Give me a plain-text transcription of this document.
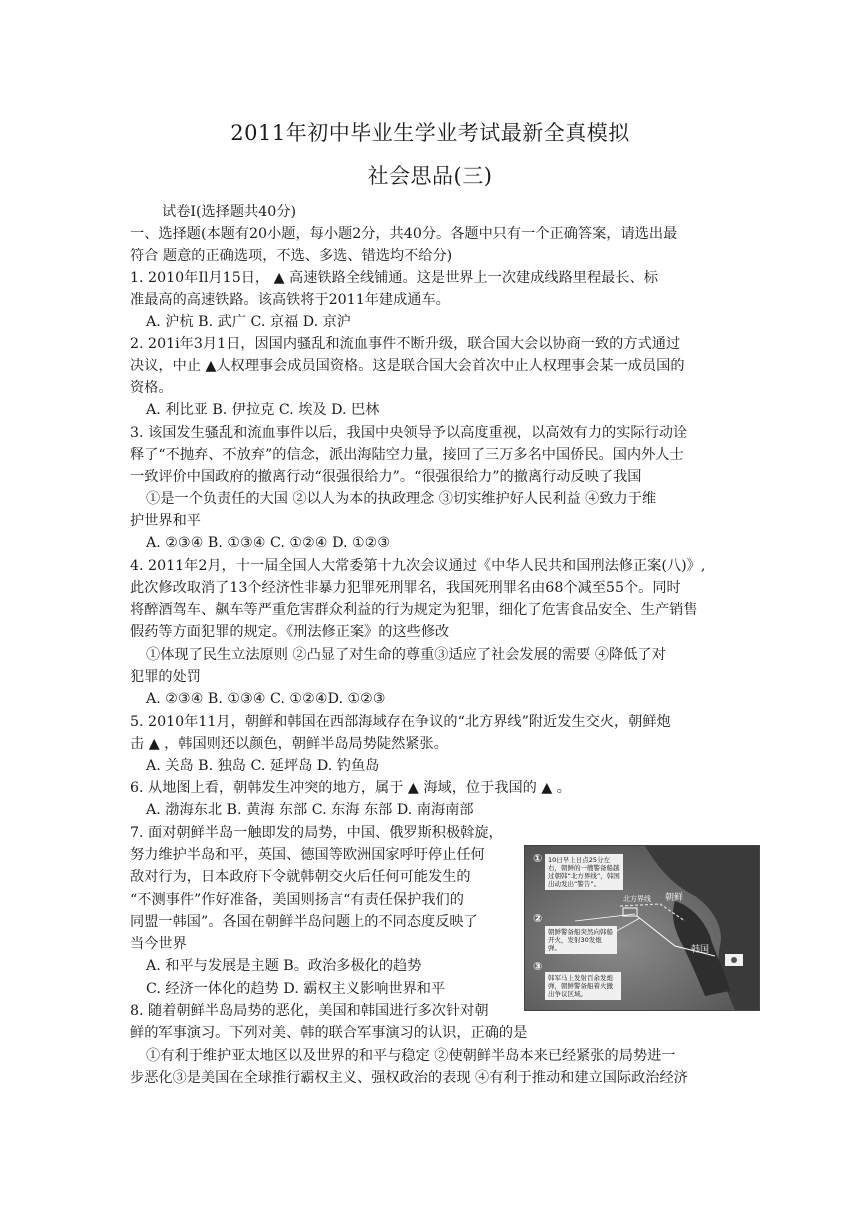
2011年初中毕业生学业考试最新全真模拟
社会思品(三)
试卷Ⅰ(选择题共40分)
一、选择题(本题有20小题，每小题2分，共40分。各题中只有一个正确答案，请选出最
符合 题意的正确选项，不选、多选、错选均不给分)
1. 2010年Il月15日， ▲ 高速铁路全线铺通。这是世界上一次建成线路里程最长、标
准最高的高速铁路。该高铁将于2011年建成通车。
A. 沪杭 B. 武广 C. 京福 D. 京沪
2. 201i年3月1日，因国内骚乱和流血事件不断升级，联合国大会以协商一致的方式通过
决议，中止 ▲人权理事会成员国资格。这是联合国大会首次中止人权理事会某一成员国的
资格。
A. 利比亚 B. 伊拉克 C. 埃及 D. 巴林
3. 该国发生骚乱和流血事件以后，我国中央领导予以高度重视，以高效有力的实际行动诠
释了“不抛弃、不放弃”的信念，派出海陆空力量，接回了三万多名中国侨民。国内外人士
一致评价中国政府的撤离行动“很强很给力”。“很强很给力”的撤离行动反映了我国
①是一个负责任的大国 ②以人为本的执政理念 ③切实维护好人民利益 ④致力于维
护世界和平
A. ②③④ B. ①③④ C. ①②④ D. ①②③
4. 2011年2月，十一届全国人大常委第十九次会议通过《中华人民共和国刑法修正案(八)》,
此次修改取消了13个经济性非暴力犯罪死刑罪名，我国死刑罪名由68个减至55个。同时
将醉酒驾车、飙车等严重危害群众利益的行为规定为犯罪，细化了危害食品安全、生产销售
假药等方面犯罪的规定。《刑法修正案》的这些修改
①体现了民生立法原则 ②凸显了对生命的尊重③适应了社会发展的需要 ④降低了对
犯罪的处罚
A. ②③④ B. ①③④ C. ①②④D. ①②③
5. 2010年11月，朝鲜和韩国在西部海域存在争议的“北方界线”附近发生交火，朝鲜炮
击 ▲ ，韩国则还以颜色，朝鲜半岛局势陡然紧张。
A. 关岛 B. 独岛 C. 延坪岛 D. 钓鱼岛
6. 从地图上看，朝韩发生冲突的地方，属于 ▲ 海域，位于我国的 ▲ 。
A. 渤海东北 B. 黄海 东部 C. 东海 东部 D. 南海南部
7. 面对朝鲜半岛一触即发的局势，中国、俄罗斯积极斡旋，
努力维护半岛和平，英国、德国等欧洲国家呼吁停止任何
敌对行为，日本政府下令就韩朝交火后任何可能发生的
“不测事件”作好准备，美国则扬言“有责任保护我们的
同盟一韩国”。各国在朝鲜半岛问题上的不同态度反映了
当今世界
A. 和平与发展是主题 B。政治多极化的趋势
C. 经济一体化的趋势 D. 霸权主义影响世界和平
8. 随着朝鲜半岛局势的恶化，美国和韩国进行多次针对朝
鲜的军事演习。下列对美、韩的联合军事演习的认识，正确的是
①有利于维护亚太地区以及世界的和平与稳定 ②使朝鲜半岛本来已经紧张的局势进一
步恶化③是美国在全球推行霸权主义、强权政治的表现 ④有利于推动和建立国际政治经济
① 10日早上日点25分左右，朝鲜的一艘警备船越过朝韩“北方界线”，韩国出动发出“警告”。
②
朝鲜警备船突然向韩船开火，发射30发炮弹。
③
韩军马上发射百余发炮弹，朝鲜警备船着火撤出争议区域。
朝鲜
韩国
北方界线
